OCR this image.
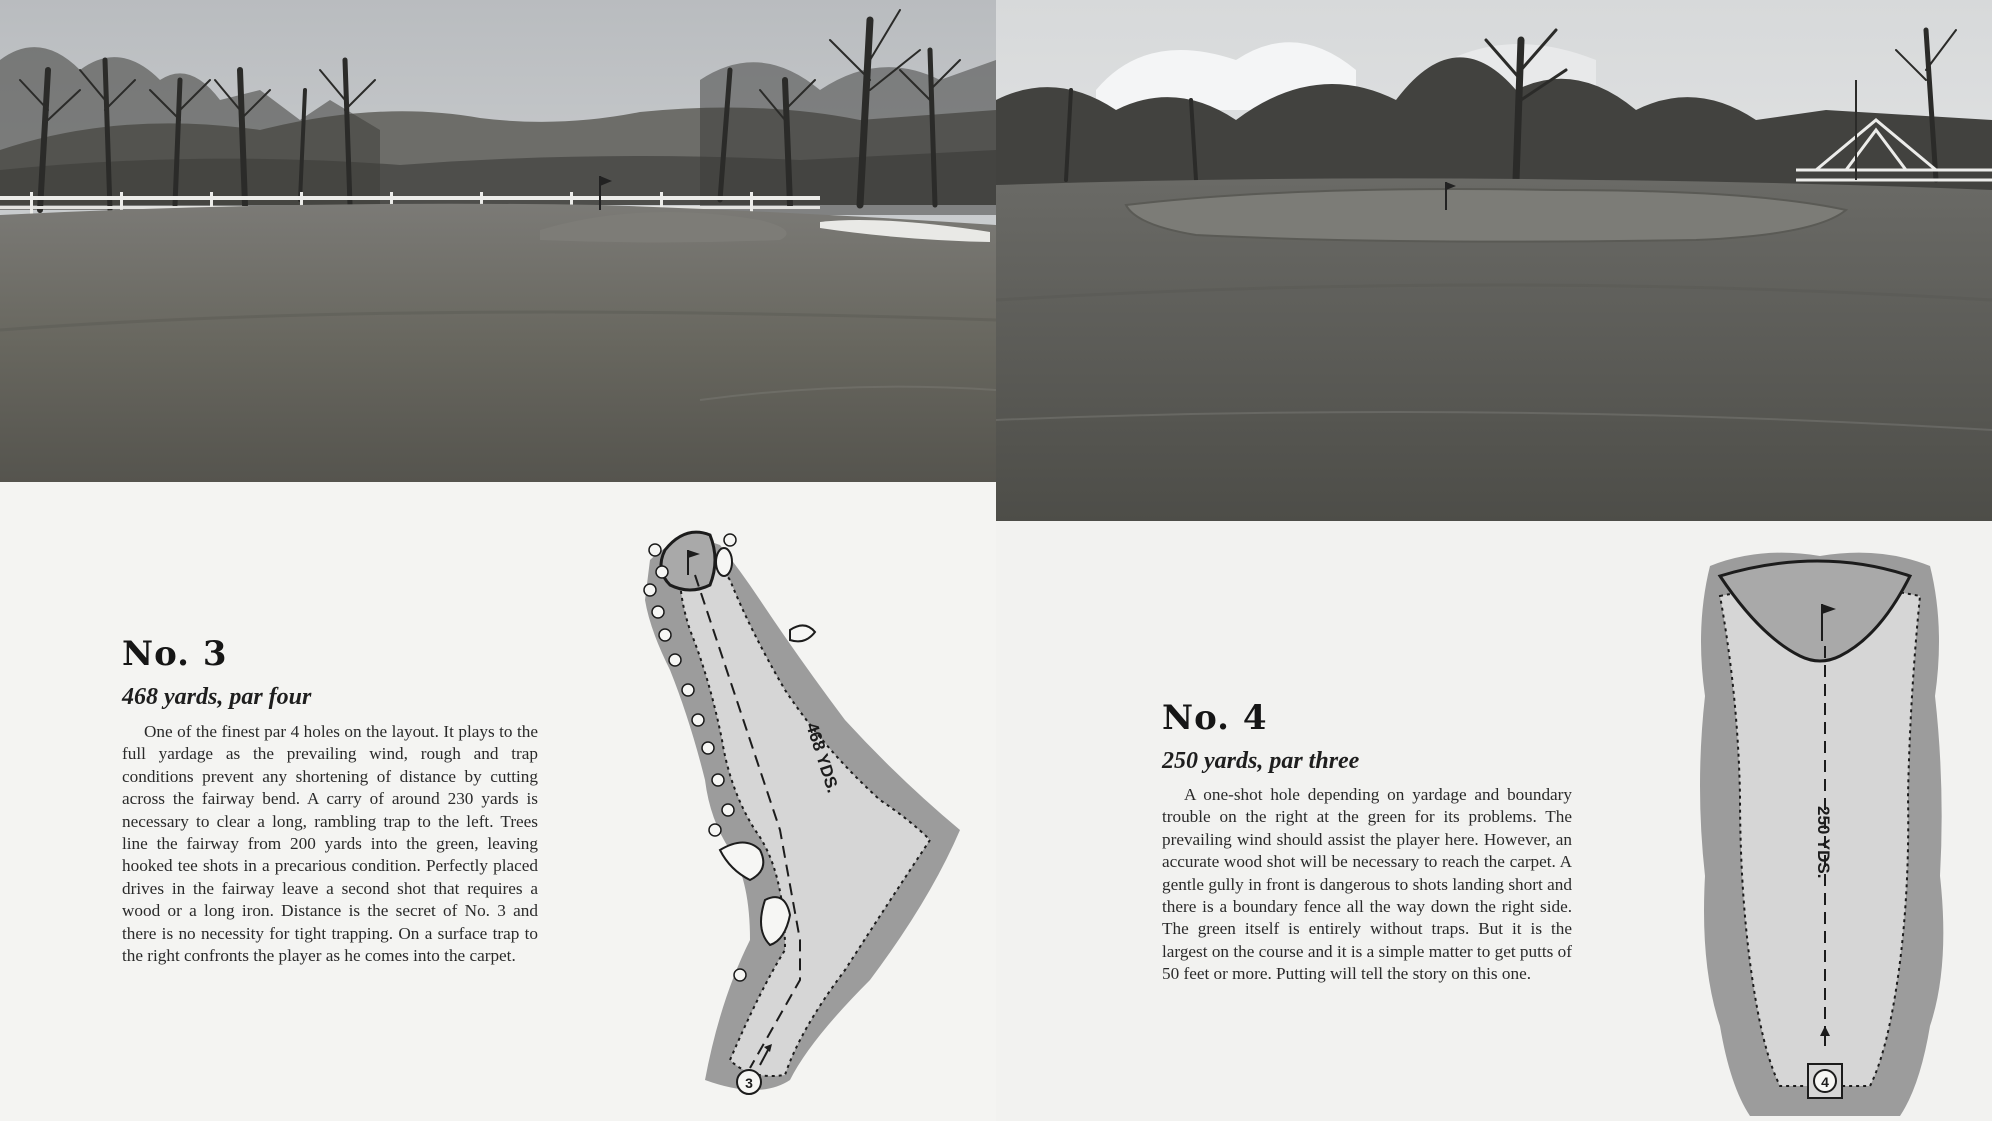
No. 3
468 yards, par four

One of the finest par 4 holes on the layout. It plays to the full yardage as the prevailing wind, rough and trap conditions prevent any shortening of distance by cutting across the fairway bend. A carry of around 230 yards is necessary to clear a long, rambling trap to the left. Trees line the fairway from 200 yards into the green, leaving hooked tee shots in a precarious condition. Perfectly placed drives in the fairway leave a second shot that requires a wood or a long iron. Distance is the secret of No. 3 and there is no necessity for tight trapping. On a surface trap to the right confronts the player as he comes into the carpet.

3
468 YDS.
No. 4
250 yards, par three

A one-shot hole depending on yardage and boundary trouble on the right at the green for its problems. The prevailing wind should assist the player here. However, an accurate wood shot will be necessary to reach the carpet. A gentle gully in front is dangerous to shots landing short and there is a boundary fence all the way down the right side. The green itself is entirely without traps. But it is the largest on the course and it is a simple matter to get putts of 50 feet or more. Putting will tell the story on this one.

4
250 YDS.
